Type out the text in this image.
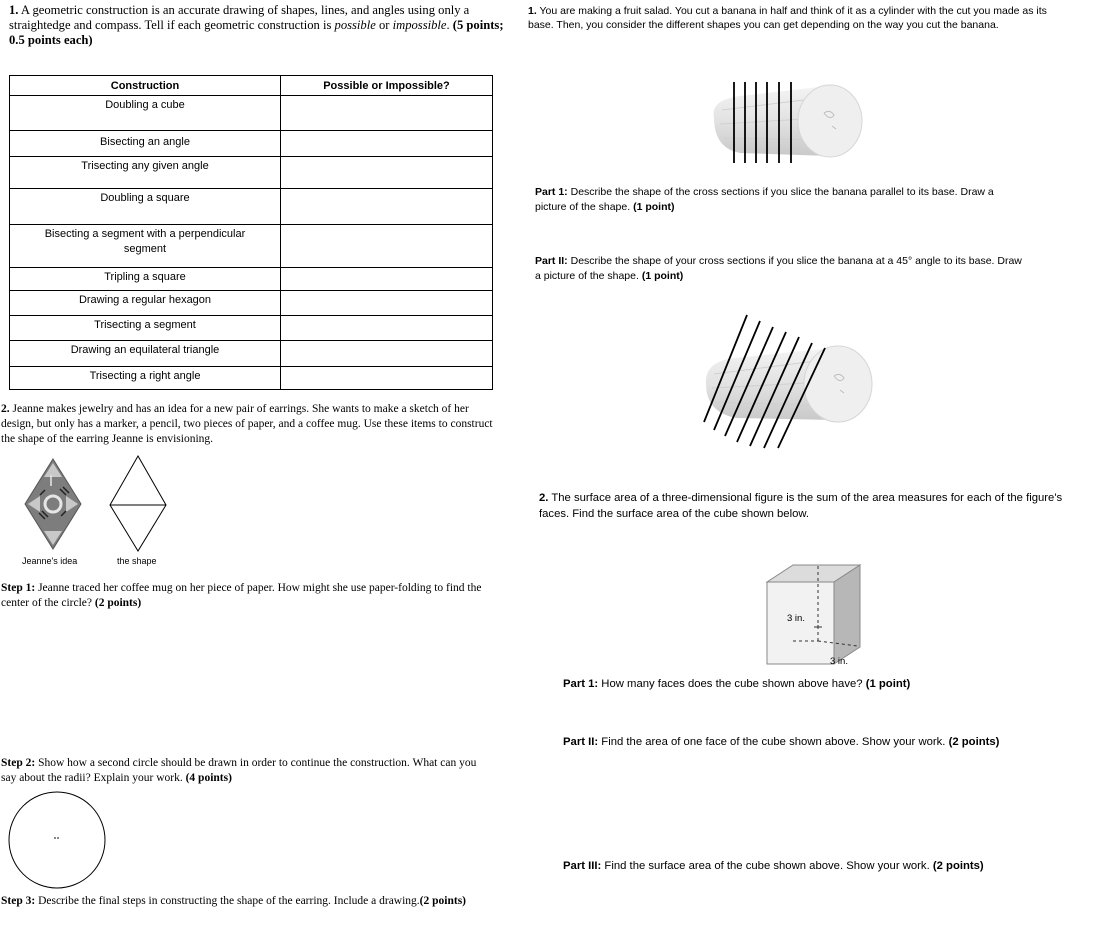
1. A geometric construction is an accurate drawing of shapes, lines, and angles using only a straightedge and compass. Tell if each geometric construction is possible or impossible. (5 points; 0.5 points each)
Construction	Possible or Impossible?
Doubling a cube	
Bisecting an angle	
Trisecting any given angle	
Doubling a square	
Bisecting a segment with a perpendicular segment	
Tripling a square	
Drawing a regular hexagon	
Trisecting a segment	
Drawing an equilateral triangle	
Trisecting a right angle	
2. Jeanne makes jewelry and has an idea for a new pair of earrings. She wants to make a sketch of her design, but only has a marker, a pencil, two pieces of paper, and a coffee mug. Use these items to construct the shape of the earring Jeanne is envisioning.
Jeanne's idea	the shape
Step 1: Jeanne traced her coffee mug on her piece of paper. How might she use paper-folding to find the center of the circle? (2 points)
Step 2: Show how a second circle should be drawn in order to continue the construction. What can you say about the radii? Explain your work. (4 points)
Step 3: Describe the final steps in constructing the shape of the earring. Include a drawing.(2 points)
1. You are making a fruit salad. You cut a banana in half and think of it as a cylinder with the cut you made as its base. Then, you consider the different shapes you can get depending on the way you cut the banana.
Part 1: Describe the shape of the cross sections if you slice the banana parallel to its base. Draw a picture of the shape. (1 point)
Part II: Describe the shape of your cross sections if you slice the banana at a 45° angle to its base. Draw a picture of the shape. (1 point)
2. The surface area of a three-dimensional figure is the sum of the area measures for each of the figure's faces. Find the surface area of the cube shown below.
3 in.
3 in.
Part 1: How many faces does the cube shown above have? (1 point)
Part II: Find the area of one face of the cube shown above. Show your work. (2 points)
Part III: Find the surface area of the cube shown above. Show your work. (2 points)
